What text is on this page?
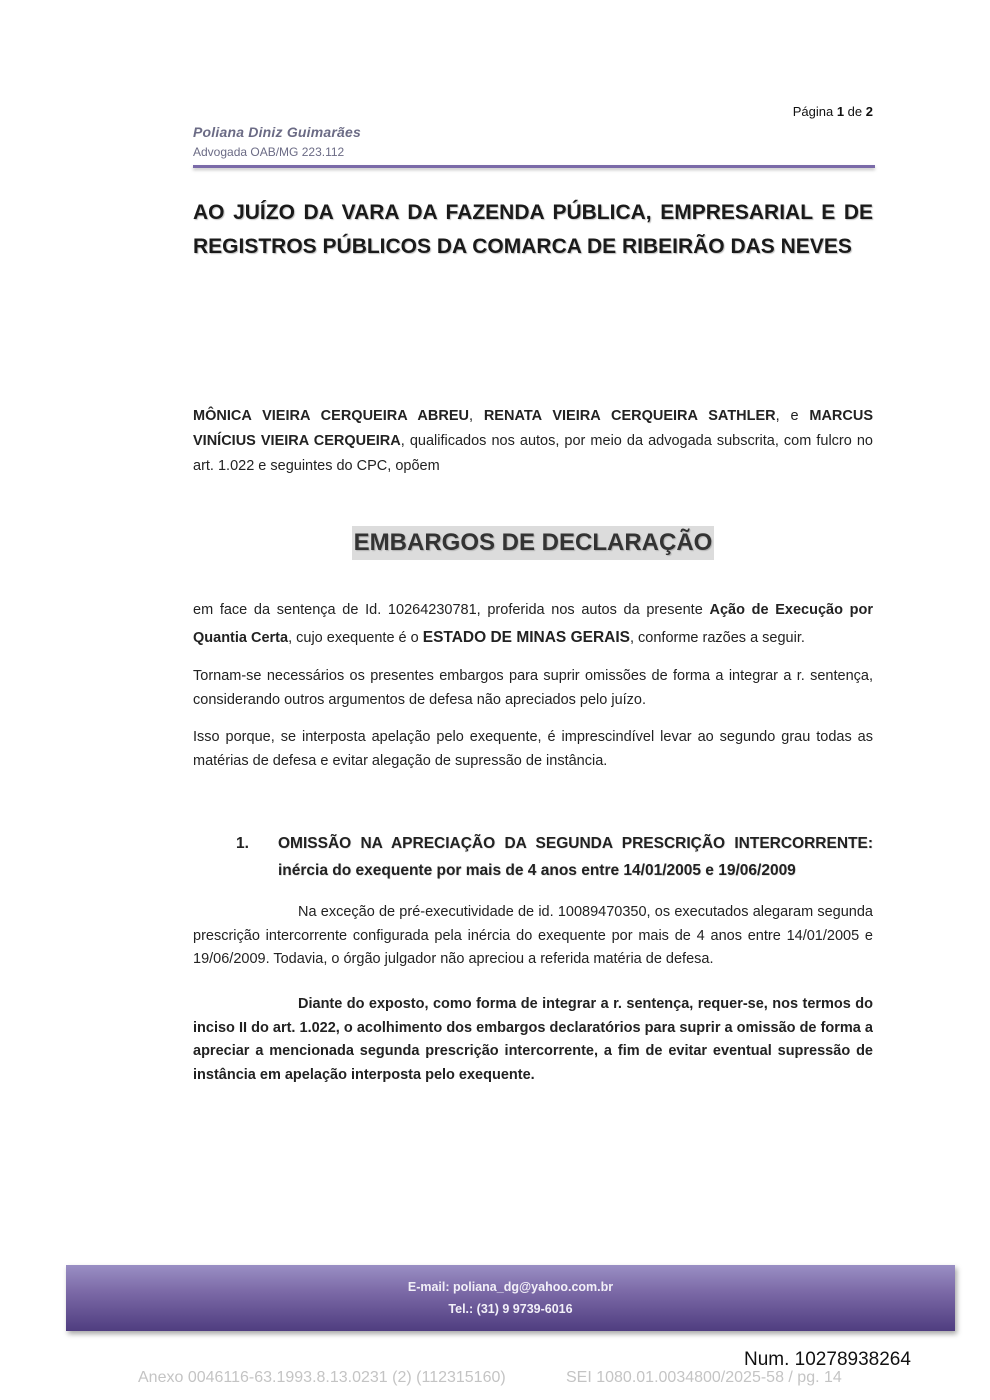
Página 1 de 2
Poliana Diniz Guimarães
Advogada OAB/MG 223.112
AO JUÍZO DA VARA DA FAZENDA PÚBLICA, EMPRESARIAL E DE REGISTROS PÚBLICOS DA COMARCA DE RIBEIRÃO DAS NEVES
MÔNICA VIEIRA CERQUEIRA ABREU, RENATA VIEIRA CERQUEIRA SATHLER, e MARCUS VINÍCIUS VIEIRA CERQUEIRA, qualificados nos autos, por meio da advogada subscrita, com fulcro no art. 1.022 e seguintes do CPC, opõem
EMBARGOS DE DECLARAÇÃO
em face da sentença de Id. 10264230781, proferida nos autos da presente Ação de Execução por Quantia Certa, cujo exequente é o ESTADO DE MINAS GERAIS, conforme razões a seguir.
Tornam-se necessários os presentes embargos para suprir omissões de forma a integrar a r. sentença, considerando outros argumentos de defesa não apreciados pelo juízo.
Isso porque, se interposta apelação pelo exequente, é imprescindível levar ao segundo grau todas as matérias de defesa e evitar alegação de supressão de instância.
1. OMISSÃO NA APRECIAÇÃO DA SEGUNDA PRESCRIÇÃO INTERCORRENTE: inércia do exequente por mais de 4 anos entre 14/01/2005 e 19/06/2009
Na exceção de pré-executividade de id. 10089470350, os executados alegaram segunda prescrição intercorrente configurada pela inércia do exequente por mais de 4 anos entre 14/01/2005 e 19/06/2009. Todavia, o órgão julgador não apreciou a referida matéria de defesa.
Diante do exposto, como forma de integrar a r. sentença, requer-se, nos termos do inciso II do art. 1.022, o acolhimento dos embargos declaratórios para suprir a omissão de forma a apreciar a mencionada segunda prescrição intercorrente, a fim de evitar eventual supressão de instância em apelação interposta pelo exequente.
E-mail: poliana_dg@yahoo.com.br
Tel.: (31) 9 9739-6016
Num. 10278938264
Anexo 0046116-63.1993.8.13.0231 (2) (112315160)	SEI 1080.01.0034800/2025-58 / pg. 14
